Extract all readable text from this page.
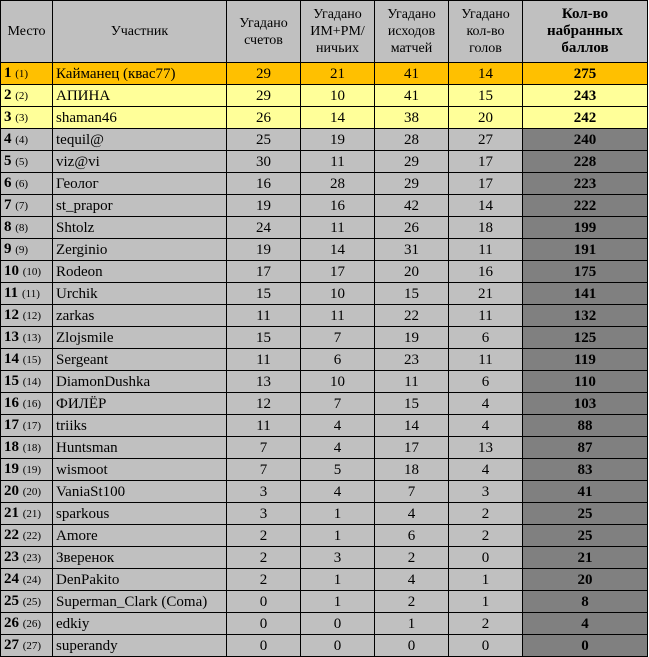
Место	Участник	Угадано счетов	Угадано ИМ+РМ/ ничьих	Угадано исходов матчей	Угадано кол-во голов	Кол-во набранных баллов
1 (1)	Кайманец (квас77)	29	21	41	14	275
2 (2)	АПИНА	29	10	41	15	243
3 (3)	shaman46	26	14	38	20	242
4 (4)	tequil@	25	19	28	27	240
5 (5)	viz@vi	30	11	29	17	228
6 (6)	Геолог	16	28	29	17	223
7 (7)	st_prapor	19	16	42	14	222
8 (8)	Shtolz	24	11	26	18	199
9 (9)	Zerginio	19	14	31	11	191
10 (10)	Rodeon	17	17	20	16	175
11 (11)	Urchik	15	10	15	21	141
12 (12)	zarkas	11	11	22	11	132
13 (13)	Zlojsmile	15	7	19	6	125
14 (15)	Sergeant	11	6	23	11	119
15 (14)	DiamonDushka	13	10	11	6	110
16 (16)	ФИЛЁР	12	7	15	4	103
17 (17)	triiks	11	4	14	4	88
18 (18)	Huntsman	7	4	17	13	87
19 (19)	wismoot	7	5	18	4	83
20 (20)	VaniaSt100	3	4	7	3	41
21 (21)	sparkous	3	1	4	2	25
22 (22)	Amore	2	1	6	2	25
23 (23)	Зверенок	2	3	2	0	21
24 (24)	DenPakito	2	1	4	1	20
25 (25)	Superman_Clark (Coma)	0	1	2	1	8
26 (26)	edkiy	0	0	1	2	4
27 (27)	superandy	0	0	0	0	0
